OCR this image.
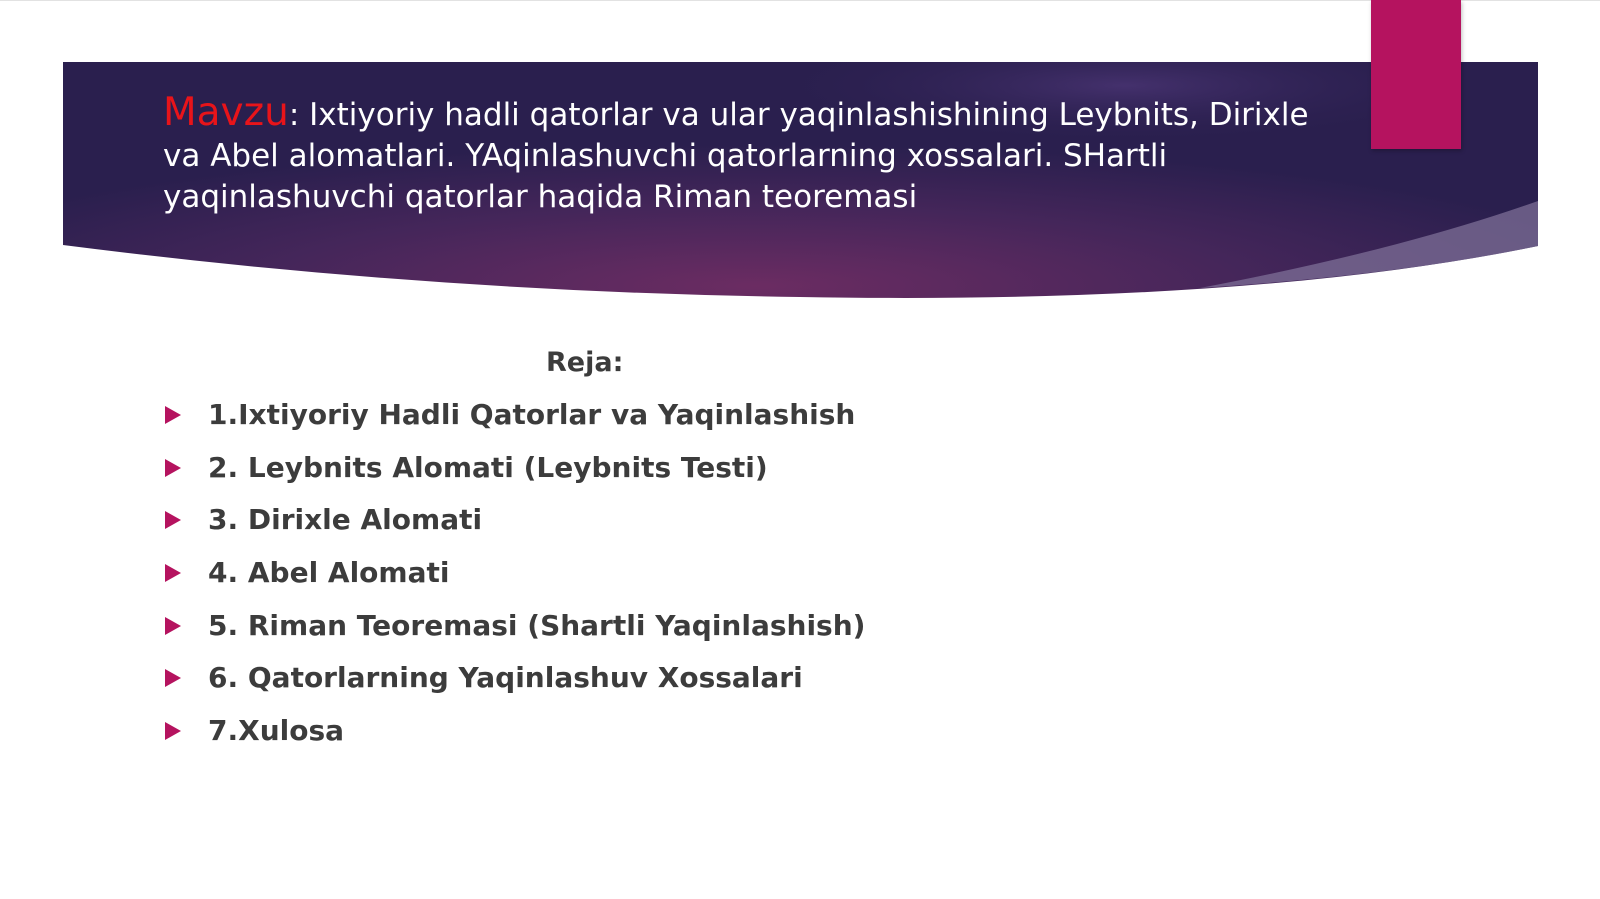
Mavzu: Ixtiyoriy hadli qatorlar va ular yaqinlashishining Leybnits, Dirixle va Abel alomatlari. YAqinlashuvchi qatorlarning xossalari. SHartli yaqinlashuvchi qatorlar haqida Riman teoremasi
Reja:
1.Ixtiyoriy Hadli Qatorlar va Yaqinlashish
2. Leybnits Alomati (Leybnits Testi)
3. Dirixle Alomati
4. Abel Alomati
5. Riman Teoremasi (Shartli Yaqinlashish)
6. Qatorlarning Yaqinlashuv Xossalari
7.Xulosa
